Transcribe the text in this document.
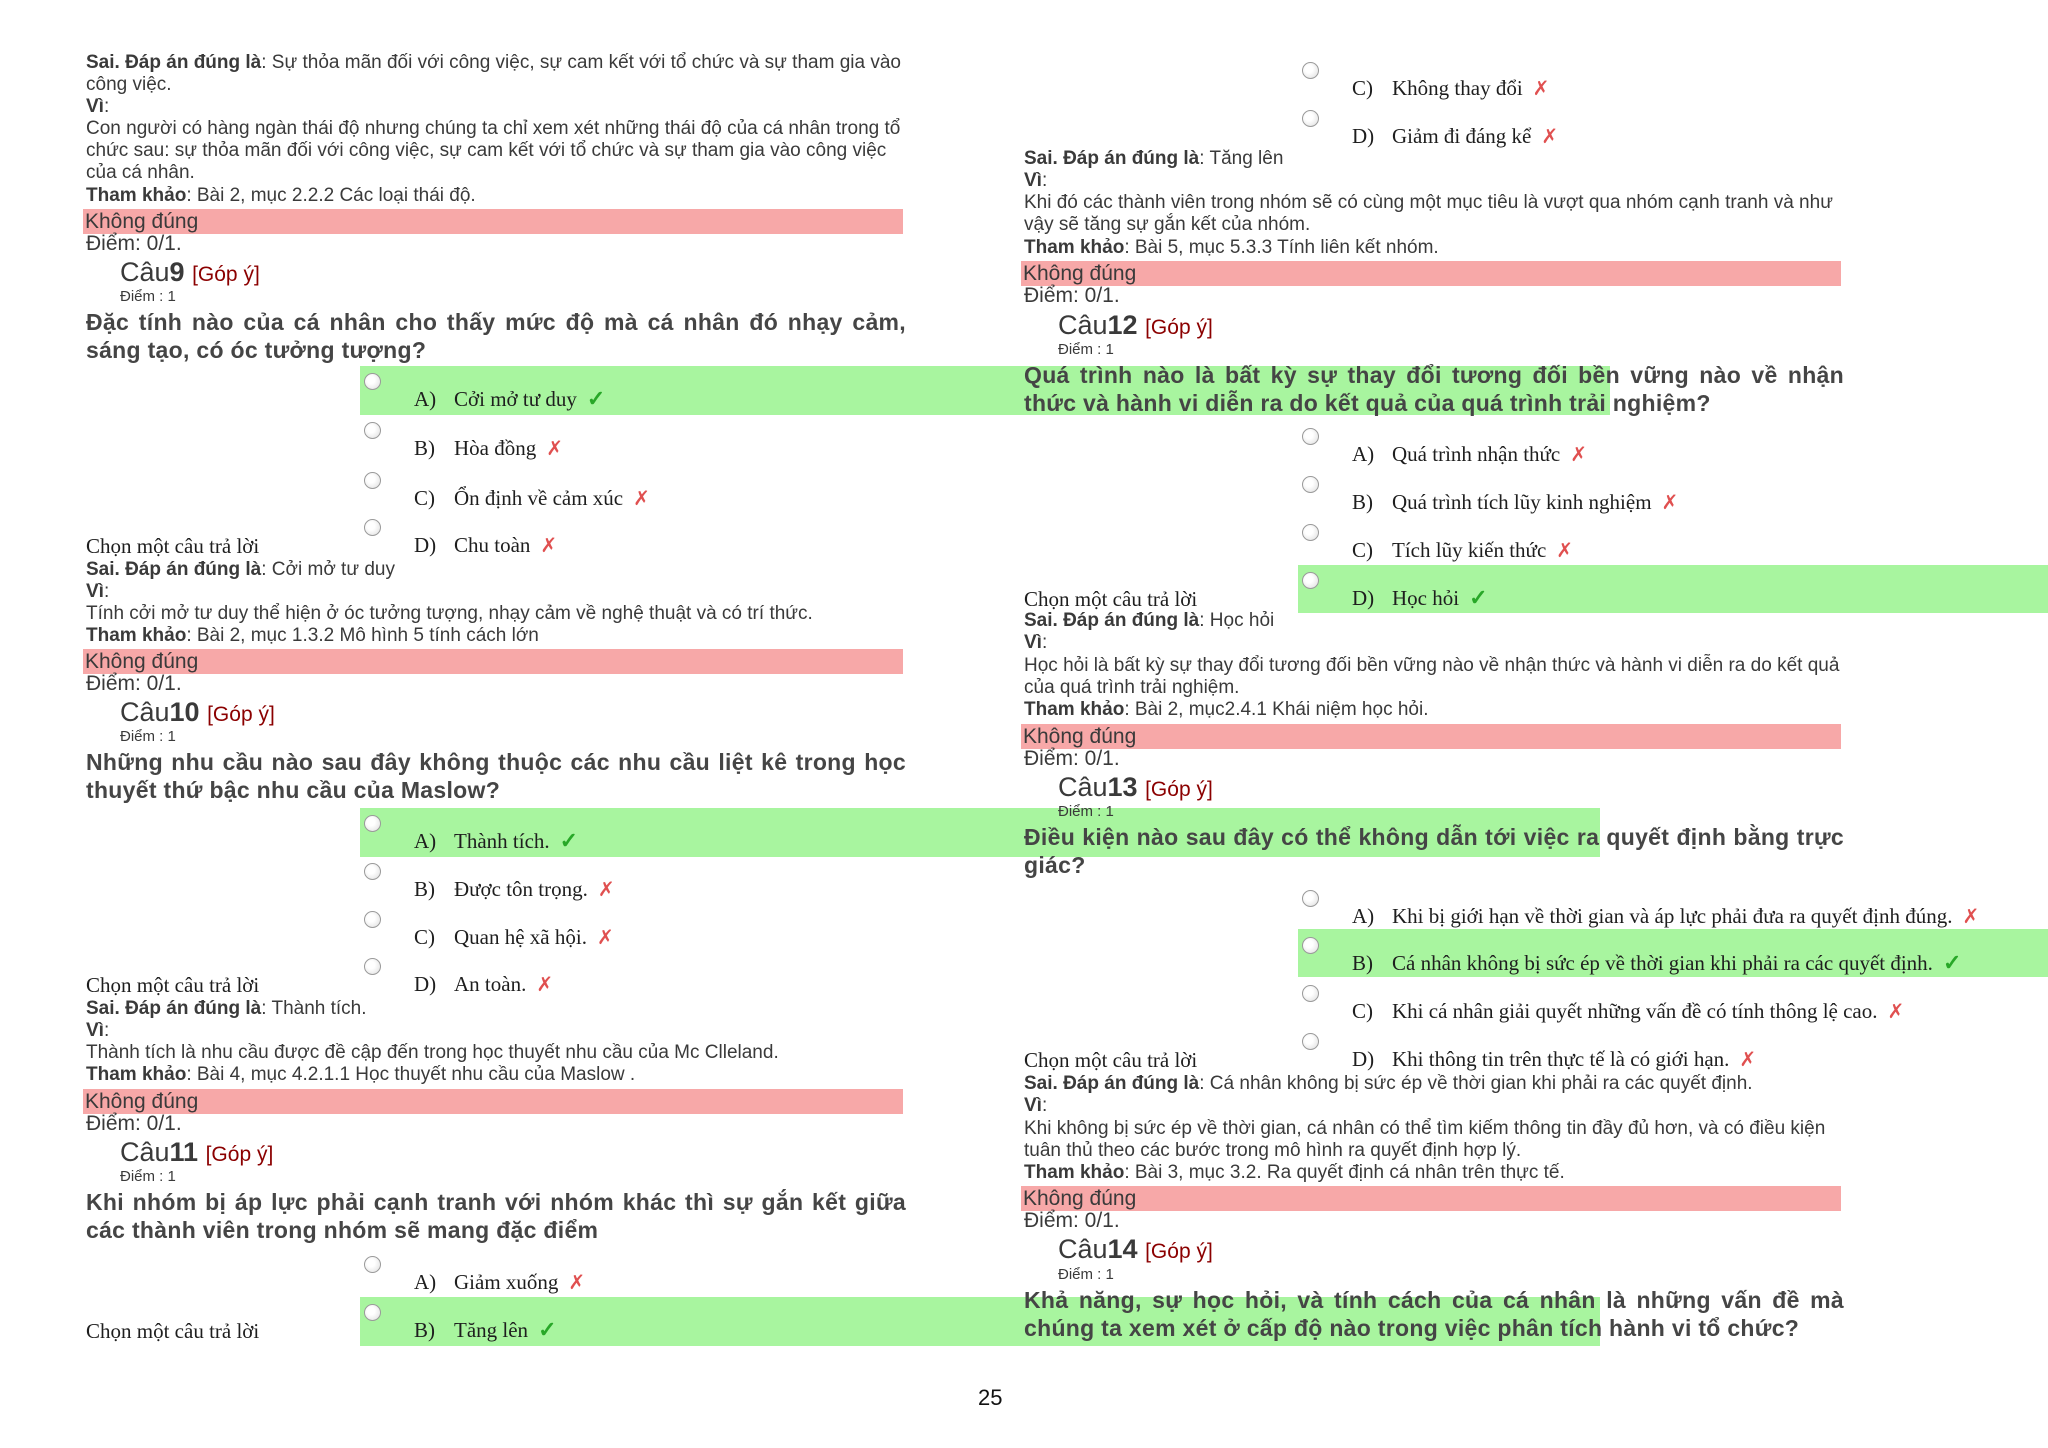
Sai. Đáp án đúng là: Sự thỏa mãn đối với công việc, sự cam kết với tổ chức và sự tham gia vào công việc.
Vì:
Con người có hàng ngàn thái độ nhưng chúng ta chỉ xem xét những thái độ của cá nhân trong tổ chức sau: sự thỏa mãn đối với công việc, sự cam kết với tổ chức và sự tham gia vào công việc của cá nhân.
Tham khảo: Bài 2, mục 2.2.2 Các loại thái độ.
Không đúng
Điểm: 0/1.
Câu9 [Góp ý]
Điểm : 1
Đặc tính nào của cá nhân cho thấy mức độ mà cá nhân đó nhạy cảm, sáng tạo, có óc tưởng tượng?
A) Cởi mở tư duy ✓
B) Hòa đồng ✗
C) Ổn định về cảm xúc ✗
Chọn một câu trả lời	D) Chu toàn ✗
Sai. Đáp án đúng là: Cởi mở tư duy
Vì:
Tính cởi mở tư duy thể hiện ở óc tưởng tượng, nhạy cảm về nghệ thuật và có trí thức.
Tham khảo: Bài 2, mục 1.3.2 Mô hình 5 tính cách lớn
Không đúng
Điểm: 0/1.
Câu10 [Góp ý]
Điểm : 1
Những nhu cầu nào sau đây không thuộc các nhu cầu liệt kê trong học thuyết thứ bậc nhu cầu của Maslow?
A) Thành tích. ✓
B) Được tôn trọng. ✗
C) Quan hệ xã hội. ✗
Chọn một câu trả lời	D) An toàn. ✗
Sai. Đáp án đúng là: Thành tích.
Vì:
Thành tích là nhu cầu được đề cập đến trong học thuyết nhu cầu của Mc Clleland.
Tham khảo: Bài 4, mục 4.2.1.1 Học thuyết nhu cầu của Maslow .
Không đúng
Điểm: 0/1.
Câu11 [Góp ý]
Điểm : 1
Khi nhóm bị áp lực phải cạnh tranh với nhóm khác thì sự gắn kết giữa các thành viên trong nhóm sẽ mang đặc điểm
A) Giảm xuống ✗
Chọn một câu trả lời	B) Tăng lên ✓
C) Không thay đổi ✗
D) Giảm đi đáng kể ✗
Sai. Đáp án đúng là: Tăng lên
Vì:
Khi đó các thành viên trong nhóm sẽ có cùng một mục tiêu là vượt qua nhóm cạnh tranh và như vậy sẽ tăng sự gắn kết của nhóm.
Tham khảo: Bài 5, mục 5.3.3 Tính liên kết nhóm.
Không đúng
Điểm: 0/1.
Câu12 [Góp ý]
Điểm : 1
Quá trình nào là bất kỳ sự thay đổi tương đối bền vững nào về nhận thức và hành vi diễn ra do kết quả của quá trình trải nghiệm?
A) Quá trình nhận thức ✗
B) Quá trình tích lũy kinh nghiệm ✗
C) Tích lũy kiến thức ✗
Chọn một câu trả lời	D) Học hỏi ✓
Sai. Đáp án đúng là: Học hỏi
Vì:
Học hỏi là bất kỳ sự thay đổi tương đối bền vững nào về nhận thức và hành vi diễn ra do kết quả của quá trình trải nghiệm.
Tham khảo: Bài 2, mục2.4.1 Khái niệm học hỏi.
Không đúng
Điểm: 0/1.
Câu13 [Góp ý]
Điểm : 1
Điều kiện nào sau đây có thể không dẫn tới việc ra quyết định bằng trực giác?
A) Khi bị giới hạn về thời gian và áp lực phải đưa ra quyết định đúng. ✗
B) Cá nhân không bị sức ép về thời gian khi phải ra các quyết định. ✓
C) Khi cá nhân giải quyết những vấn đề có tính thông lệ cao. ✗
Chọn một câu trả lời	D) Khi thông tin trên thực tế là có giới hạn. ✗
Sai. Đáp án đúng là: Cá nhân không bị sức ép về thời gian khi phải ra các quyết định.
Vì:
Khi không bị sức ép về thời gian, cá nhân có thể tìm kiếm thông tin đầy đủ hơn, và có điều kiện tuân thủ theo các bước trong mô hình ra quyết định hợp lý.
Tham khảo: Bài 3, mục 3.2. Ra quyết định cá nhân trên thực tế.
Không đúng
Điểm: 0/1.
Câu14 [Góp ý]
Điểm : 1
Khả năng, sự học hỏi, và tính cách của cá nhân là những vấn đề mà chúng ta xem xét ở cấp độ nào trong việc phân tích hành vi tổ chức?
25
